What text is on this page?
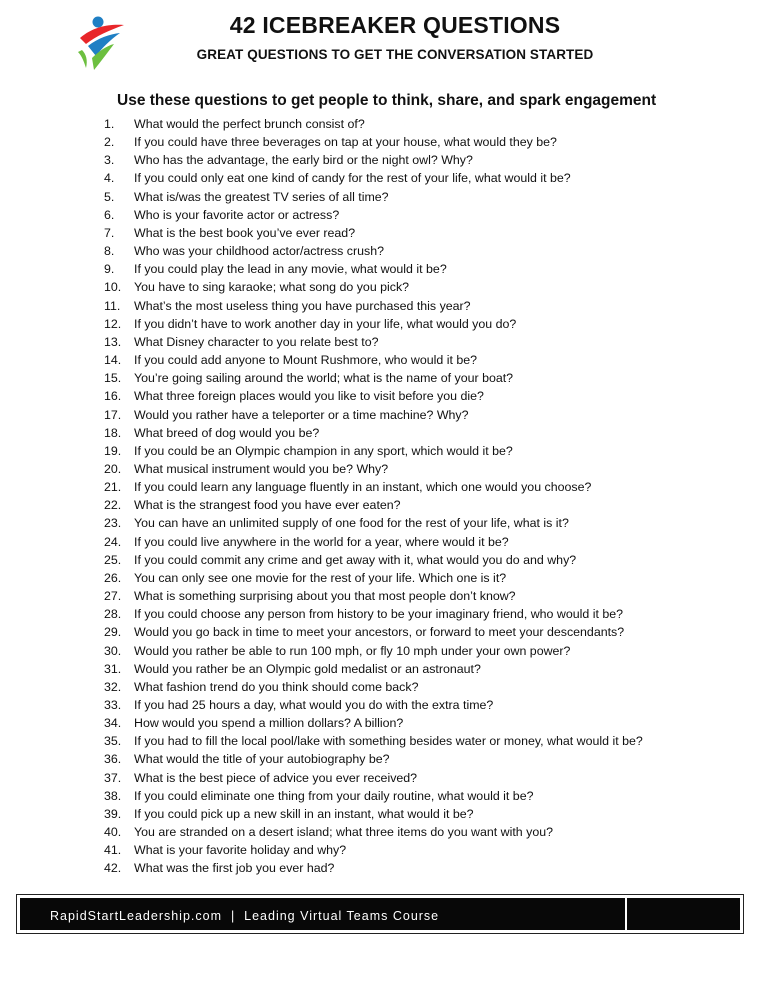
42 ICEBREAKER QUESTIONS
GREAT QUESTIONS TO GET THE CONVERSATION STARTED

Use these questions to get people to think, share, and spark engagement

1.	What would the perfect brunch consist of?
2.	If you could have three beverages on tap at your house, what would they be?
3.	Who has the advantage, the early bird or the night owl? Why?
4.	If you could only eat one kind of candy for the rest of your life, what would it be?
5.	What is/was the greatest TV series of all time?
6.	Who is your favorite actor or actress?
7.	What is the best book you’ve ever read?
8.	Who was your childhood actor/actress crush?
9.	If you could play the lead in any movie, what would it be?
10.	You have to sing karaoke; what song do you pick?
11.	What’s the most useless thing you have purchased this year?
12.	If you didn’t have to work another day in your life, what would you do?
13.	What Disney character to you relate best to?
14.	If you could add anyone to Mount Rushmore, who would it be?
15.	You’re going sailing around the world; what is the name of your boat?
16.	What three foreign places would you like to visit before you die?
17.	Would you rather have a teleporter or a time machine? Why?
18.	What breed of dog would you be?
19.	If you could be an Olympic champion in any sport, which would it be?
20.	What musical instrument would you be? Why?
21.	If you could learn any language fluently in an instant, which one would you choose?
22.	What is the strangest food you have ever eaten?
23.	You can have an unlimited supply of one food for the rest of your life, what is it?
24.	If you could live anywhere in the world for a year, where would it be?
25.	If you could commit any crime and get away with it, what would you do and why?
26.	You can only see one movie for the rest of your life. Which one is it?
27.	What is something surprising about you that most people don’t know?
28.	If you could choose any person from history to be your imaginary friend, who would it be?
29.	Would you go back in time to meet your ancestors, or forward to meet your descendants?
30.	Would you rather be able to run 100 mph, or fly 10 mph under your own power?
31.	Would you rather be an Olympic gold medalist or an astronaut?
32.	What fashion trend do you think should come back?
33.	If you had 25 hours a day, what would you do with the extra time?
34.	How would you spend a million dollars? A billion?
35.	If you had to fill the local pool/lake with something besides water or money, what would it be?
36.	What would the title of your autobiography be?
37.	What is the best piece of advice you ever received?
38.	If you could eliminate one thing from your daily routine, what would it be?
39.	If you could pick up a new skill in an instant, what would it be?
40.	You are stranded on a desert island; what three items do you want with you?
41.	What is your favorite holiday and why?
42.	What was the first job you ever had?
RapidStartLeadership.com  |  Leading Virtual Teams Course
